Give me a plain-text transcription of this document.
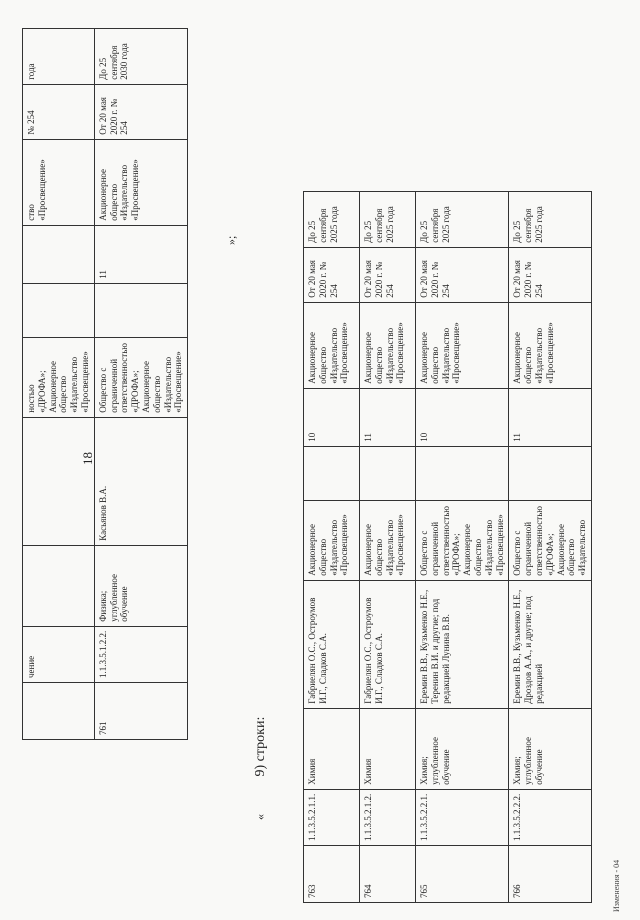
18
	чение			ностью «ДРОФА»; Акционерное общество «Издательство «Просвещение»			ство «Просвещение»	№ 254	года
761	1.1.3.5.1.2.2.	Физика; углубленное обучение	Касьянов В.А.	Общество с ограниченной ответственностью «ДРОФА»; Акционерное общество «Издательство «Просвещение»		11	Акционерное общество «Издательство «Просвещение»	От 20 мая 2020 г. № 254	До 25 сентября 2030 года
»;
« 9) строки:
763	1.1.3.5.2.1.1.	Химия	Габриелян О.С., Остроумов И.Г., Сладков С.А.	Акционерное общество «Издательство «Просвещение»		10	Акционерное общество «Издательство «Просвещение»	От 20 мая 2020 г. № 254	До 25 сентября 2025 года
764	1.1.3.5.2.1.2.	Химия	Габриелян О.С., Остроумов И.Г., Сладков С.А.	Акционерное общество «Издательство «Просвещение»		11	Акционерное общество «Издательство «Просвещение»	От 20 мая 2020 г. № 254	До 25 сентября 2025 года
765	1.1.3.5.2.2.1.	Химия; углубленное обучение	Еремин В.В., Кузьменко Н.Е., Теренин В.И. и другие; под редакцией Лунина В.В.	Общество с ограниченной ответственностью «ДРОФА»; Акционерное общество «Издательство «Просвещение»		10	Акционерное общество «Издательство «Просвещение»	От 20 мая 2020 г. № 254	До 25 сентября 2025 года
766	1.1.3.5.2.2.2.	Химия; углубленное обучение	Еремин В.В., Кузьменко Н.Е., Дроздов А.А., и другие; под редакцией	Общество с ограниченной ответственностью «ДРОФА»; Акционерное общество «Издательство		11	Акционерное общество «Издательство «Просвещение»	От 20 мая 2020 г. № 254	До 25 сентября 2025 года
Изменения - 04
